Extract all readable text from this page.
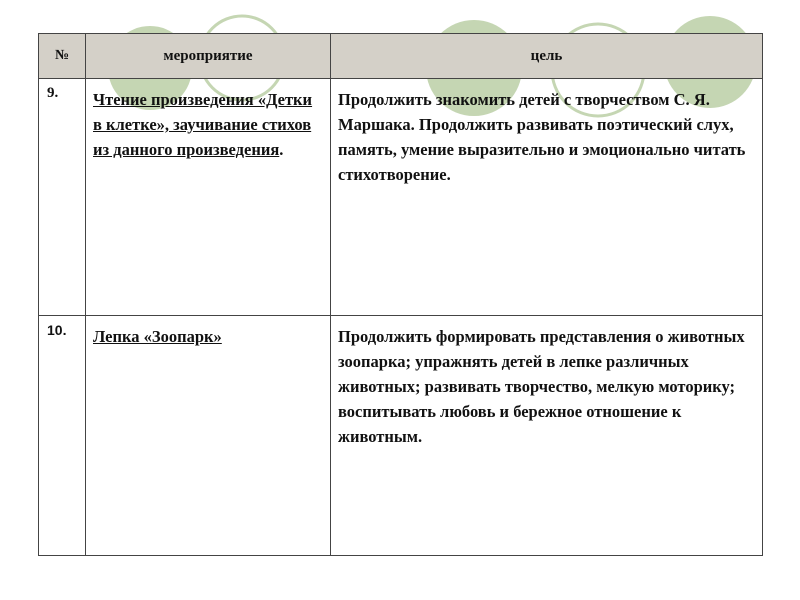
№	мероприятие	цель
9.	Чтение произведения «Детки в клетке», заучивание стихов из данного произведения.	Продолжить знакомить детей с творчеством С. Я. Маршака. Продолжить развивать поэтический слух, память, умение выразительно и эмоционально читать стихотворение.
10.	Лепка «Зоопарк»	Продолжить формировать представления о животных зоопарка; упражнять детей в лепке различных животных; развивать творчество, мелкую моторику; воспитывать любовь и бережное отношение к животным.
